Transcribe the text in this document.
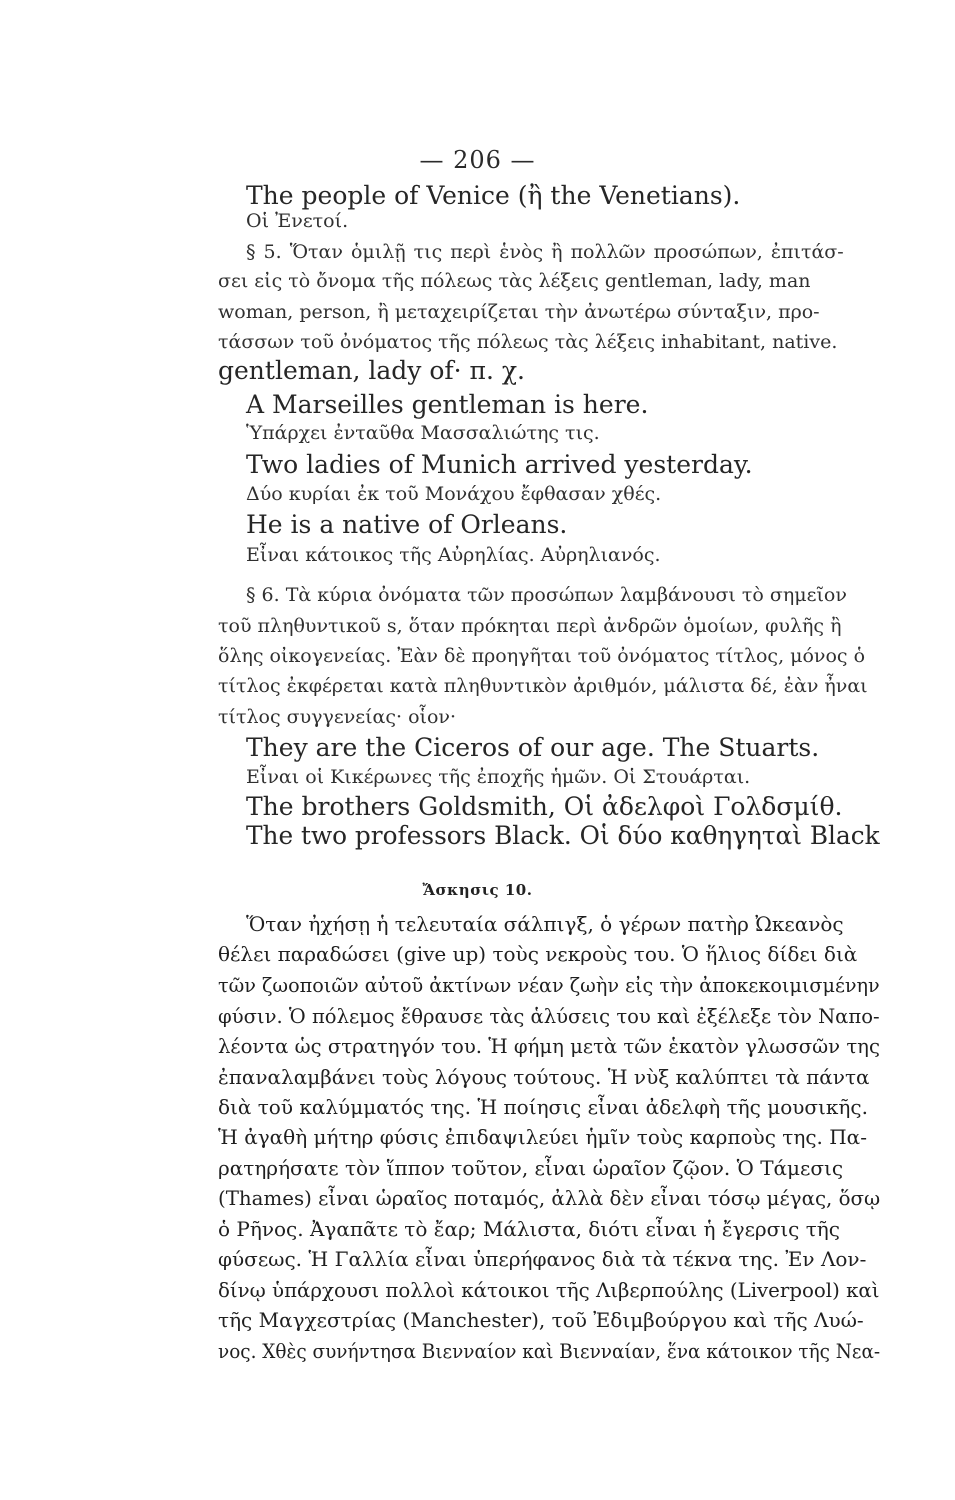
— 206 —
The people of Venice (ἢ the Venetians).
Οἱ Ἐνετοί.
§ 5. Ὅταν ὁμιλῇ τις περὶ ἑνὸς ἢ πολλῶν προσώπων, ἐπιτάσ-
σει εἰς τὸ ὄνομα τῆς πόλεως τὰς λέξεις gentleman, lady, man
woman, person, ἢ μεταχειρίζεται τὴν ἀνωτέρω σύνταξιν, προ-
τάσσων τοῦ ὀνόματος τῆς πόλεως τὰς λέξεις inhabitant, native.
gentleman, lady of· π. χ.
A Marseilles gentleman is here.
Ὑπάρχει ἐνταῦθα Μασσαλιώτης τις.
Two ladies of Munich arrived yesterday.
Δύο κυρίαι ἐκ τοῦ Μονάχου ἔφθασαν χθές.
He is a native of Orleans.
Εἶναι κάτοικος τῆς Αὐρηλίας. Αὐρηλιανός.
§ 6. Τὰ κύρια ὀνόματα τῶν προσώπων λαμβάνουσι τὸ σημεῖον
τοῦ πληθυντικοῦ s, ὅταν πρόκηται περὶ ἀνδρῶν ὁμοίων, φυλῆς ἢ
ὅλης οἰκογενείας. Ἐὰν δὲ προηγῆται τοῦ ὀνόματος τίτλος, μόνος ὁ
τίτλος ἐκφέρεται κατὰ πληθυντικὸν ἀριθμόν, μάλιστα δέ, ἐὰν ἦναι
τίτλος συγγενείας· οἷον·
They are the Ciceros of our age. The Stuarts.
Εἶναι οἱ Κικέρωνες τῆς ἐποχῆς ἡμῶν. Οἱ Στουάρται.
The brothers Goldsmith, Οἱ ἀδελφοὶ Γολδσμίθ.
The two professors Black. Οἱ δύο καθηγηταὶ Black
Ἄσκησις 10.
Ὅταν ἠχήσῃ ἡ τελευταία σάλπιγξ, ὁ γέρων πατὴρ Ὠκεανὸς
θέλει παραδώσει (give up) τοὺς νεκροὺς του. Ὁ ἥλιος δίδει διὰ
τῶν ζωοποιῶν αὐτοῦ ἀκτίνων νέαν ζωὴν εἰς τὴν ἀποκεκοιμισμένην
φύσιν. Ὁ πόλεμος ἔθραυσε τὰς ἁλύσεις του καὶ ἐξέλεξε τὸν Ναπο-
λέοντα ὡς στρατηγόν του. Ἡ φήμη μετὰ τῶν ἑκατὸν γλωσσῶν της
ἐπαναλαμβάνει τοὺς λόγους τούτους. Ἡ νὺξ καλύπτει τὰ πάντα
διὰ τοῦ καλύμματός της. Ἡ ποίησις εἶναι ἀδελφὴ τῆς μουσικῆς.
Ἡ ἀγαθὴ μήτηρ φύσις ἐπιδαψιλεύει ἡμῖν τοὺς καρποὺς της. Πα-
ρατηρήσατε τὸν ἵππον τοῦτον, εἶναι ὡραῖον ζῷον. Ὁ Τάμεσις
(Thames) εἶναι ὡραῖος ποταμός, ἀλλὰ δὲν εἶναι τόσῳ μέγας, ὅσῳ
ὁ Ρῆνος. Ἀγαπᾶτε τὸ ἔαρ; Μάλιστα, διότι εἶναι ἡ ἔγερσις τῆς
φύσεως. Ἡ Γαλλία εἶναι ὑπερήφανος διὰ τὰ τέκνα της. Ἐν Λον-
δίνῳ ὑπάρχουσι πολλοὶ κάτοικοι τῆς Λιβερπούλης (Liverpool) καὶ
τῆς Μαγχεστρίας (Manchester), τοῦ Ἐδιμβούργου καὶ τῆς Λυώ-
νος. Χθὲς συνήντησα Βιενναίον καὶ Βιενναίαν, ἕνα κάτοικον τῆς Νεα-
